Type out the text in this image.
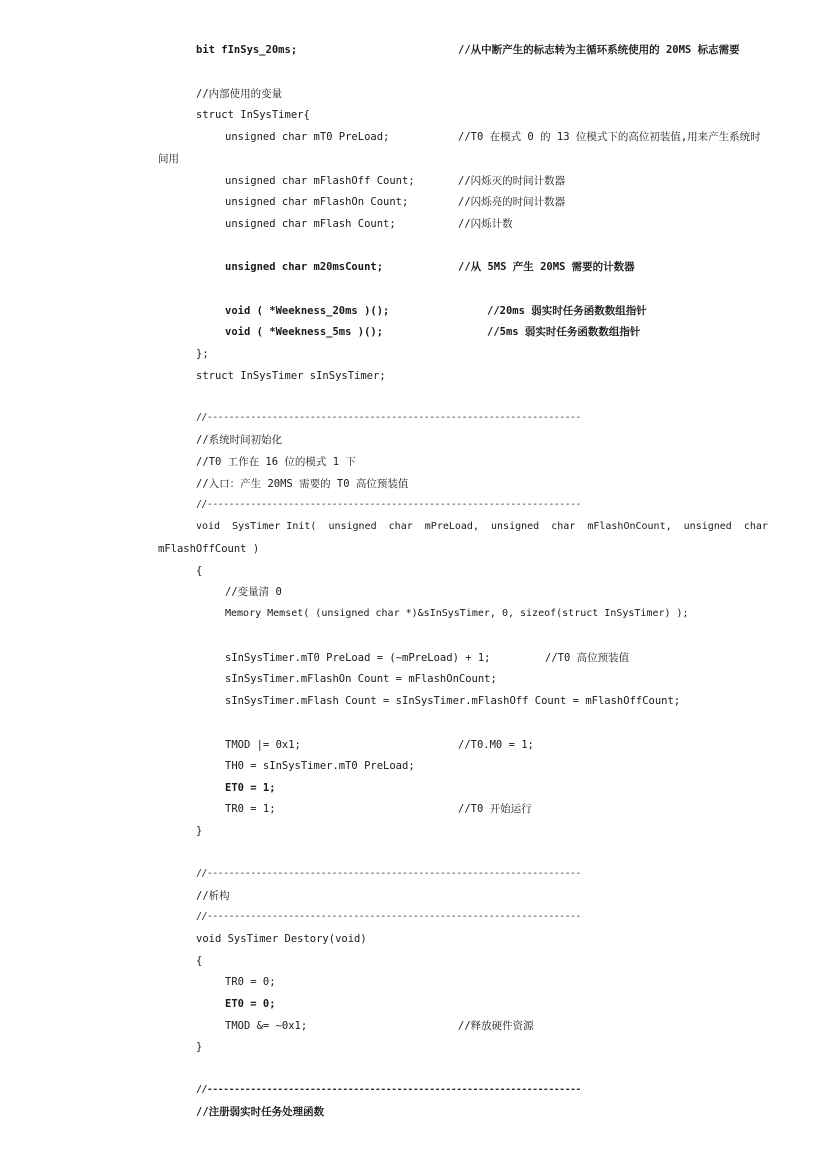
bit fInSys_20ms;	//从中断产生的标志转为主循环系统使用的 20MS 标志需要
//内部使用的变量
struct InSysTimer{
unsigned char mT0 PreLoad;	//T0 在模式 0 的 13 位模式下的高位初装值,用来产生系统时
间用
unsigned char mFlashOff Count;	//闪烁灭的时间计数器
unsigned char mFlashOn Count;	//闪烁亮的时间计数器
unsigned char mFlash Count;	//闪烁计数
unsigned char m20msCount;	//从 5MS 产生 20MS 需要的计数器
void ( *Weekness_20ms )();	//20ms 弱实时任务函数数组指针
void ( *Weekness_5ms )();	//5ms 弱实时任务函数数组指针
};
struct InSysTimer sInSysTimer;
//---------------------------------------------------------------------
//系统时间初始化
//T0 工作在 16 位的模式 1 下
//入口：产生 20MS 需要的 T0 高位预装值
//---------------------------------------------------------------------
void  SysTimer Init(  unsigned  char  mPreLoad,  unsigned  char  mFlashOnCount,  unsigned  char
mFlashOffCount )
{
//变量清 0
Memory Memset( (unsigned char *)&sInSysTimer, 0, sizeof(struct InSysTimer) );
sInSysTimer.mT0 PreLoad = (~mPreLoad) + 1;	//T0 高位预装值
sInSysTimer.mFlashOn Count = mFlashOnCount;
sInSysTimer.mFlash Count = sInSysTimer.mFlashOff Count = mFlashOffCount;
TMOD |= 0x1;	//T0.M0 = 1;
TH0 = sInSysTimer.mT0 PreLoad;
ET0 = 1;
TR0 = 1;	//T0 开始运行
}
//---------------------------------------------------------------------
//析构
//---------------------------------------------------------------------
void SysTimer Destory(void)
{
TR0 = 0;
ET0 = 0;
TMOD &= ~0x1;	//释放硬件资源
}
//---------------------------------------------------------------------
//注册弱实时任务处理函数
